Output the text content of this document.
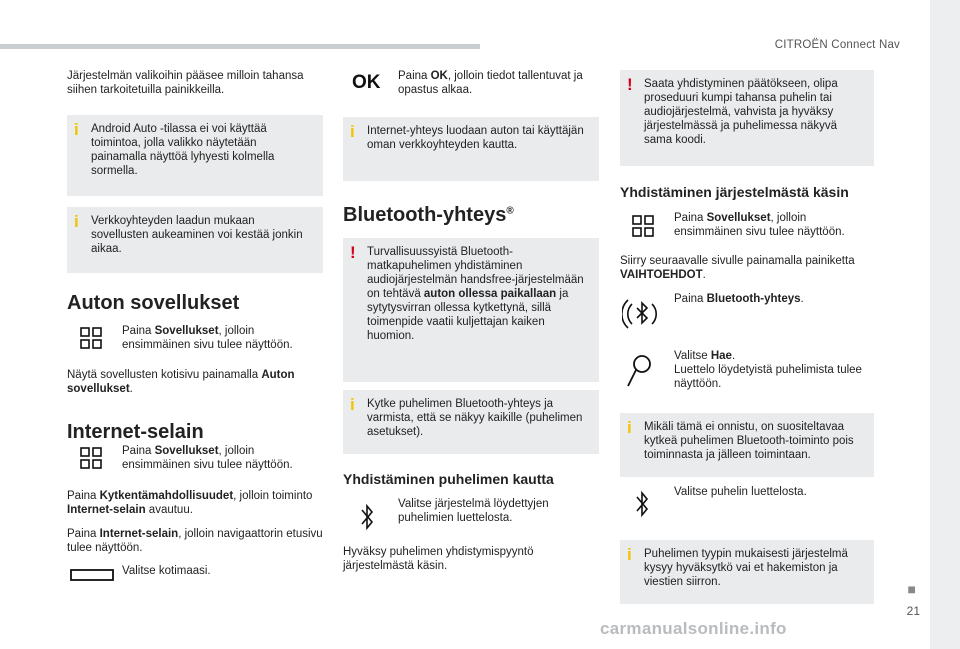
CITROËN Connect Nav

Järjestelmän valikoihin pääsee milloin tahansa siihen tarkoitetuilla painikkeilla.

i Android Auto -tilassa ei voi käyttää toimintoa, jolla valikko näytetään painamalla näyttöä lyhyesti kolmella sormella.
i Verkkoyhteyden laadun mukaan sovellusten aukeaminen voi kestää jonkin aikaa.
Auton sovellukset

Paina Sovellukset, jolloin ensimmäinen sivu tulee näyttöön.

Näytä sovellusten kotisivu painamalla Auton sovellukset.

Internet-selain

Paina Sovellukset, jolloin ensimmäinen sivu tulee näyttöön.

Paina Kytkentämahdollisuudet, jolloin toiminto Internet-selain avautuu.

Paina Internet-selain, jolloin navigaattorin etusivu tulee näyttöön.

Valitse kotimaasi.

OK Paina OK, jolloin tiedot tallentuvat ja opastus alkaa.

i Internet-yhteys luodaan auton tai käyttäjän oman verkkoyhteyden kautta.
Bluetooth-yhteys®
! Turvallisuussyistä Bluetooth-matkapuhelimen yhdistäminen audiojärjestelmän handsfree-järjestelmään on tehtävä auton ollessa paikallaan ja sytytysvirran ollessa kytkettynä, sillä toimenpide vaatii kuljettajan kaiken huomion.
i Kytke puhelimen Bluetooth-yhteys ja varmista, että se näkyy kaikille (puhelimen asetukset).
Yhdistäminen puhelimen kautta

Valitse järjestelmä löydettyjen puhelimien luettelosta.

Hyväksy puhelimen yhdistymispyyntö järjestelmästä käsin.

! Saata yhdistyminen päätökseen, olipa proseduuri kumpi tahansa puhelin tai audiojärjestelmä, vahvista ja hyväksy järjestelmässä ja puhelimessa näkyvä sama koodi.
Yhdistäminen järjestelmästä käsin

Paina Sovellukset, jolloin ensimmäinen sivu tulee näyttöön.

Siirry seuraavalle sivulle painamalla painiketta VAIHTOEHDOT.

Paina Bluetooth-yhteys.

Valitse Hae.
Luettelo löydetyistä puhelimista tulee näyttöön.

i Mikäli tämä ei onnistu, on suositeltavaa kytkeä puhelimen Bluetooth-toiminto pois toiminnasta ja jälleen toimintaan.

Valitse puhelin luettelosta.

i Puhelimen tyypin mukaisesti järjestelmä kysyy hyväksytkö vai et hakemiston ja viestien siirron.	■
21
carmanualsonline.info
